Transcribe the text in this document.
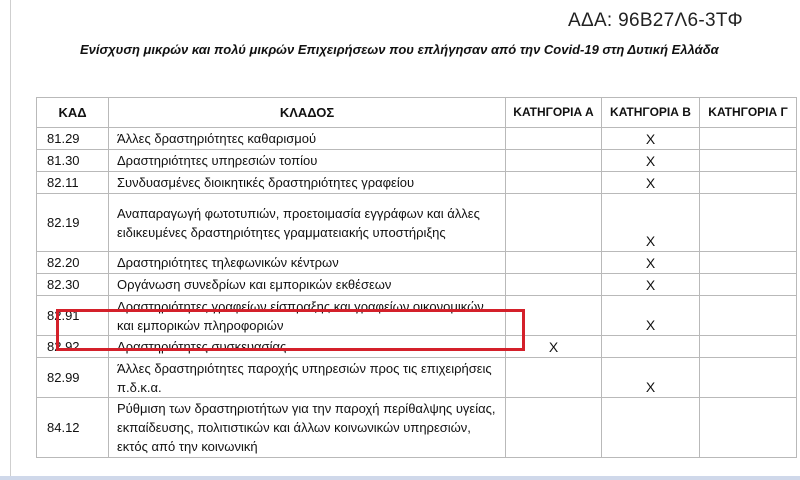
ΑΔΑ: 96Β27Λ6-3ΤΦ
Ενίσχυση μικρών και πολύ μικρών Επιχειρήσεων που επλήγησαν από την Covid-19 στη Δυτική Ελλάδα
ΚΑΔ	ΚΛΑΔΟΣ	ΚΑΤΗΓΟΡΙΑ Α	ΚΑΤΗΓΟΡΙΑ Β	ΚΑΤΗΓΟΡΙΑ Γ
81.29	Άλλες δραστηριότητες καθαρισμού		Χ	
81.30	Δραστηριότητες υπηρεσιών τοπίου		Χ	
82.11	Συνδυασμένες διοικητικές δραστηριότητες γραφείου		Χ	
82.19	Αναπαραγωγή φωτοτυπιών, προετοιμασία εγγράφων και άλλες ειδικευμένες δραστηριότητες γραμματειακής υποστήριξης		Χ	
82.20	Δραστηριότητες τηλεφωνικών κέντρων		Χ	
82.30	Οργάνωση συνεδρίων και εμπορικών εκθέσεων		Χ	
82.91	Δραστηριότητες γραφείων είσπραξης και γραφείων οικονομικών και εμπορικών πληροφοριών		Χ	
82.92	Δραστηριότητες συσκευασίας	Χ		
82.99	Άλλες δραστηριότητες παροχής υπηρεσιών προς τις επιχειρήσεις π.δ.κ.α.		Χ	
84.12	Ρύθμιση των δραστηριοτήτων για την παροχή περίθαλψης υγείας, εκπαίδευσης, πολιτιστικών και άλλων κοινωνικών υπηρεσιών, εκτός από την κοινωνική			
